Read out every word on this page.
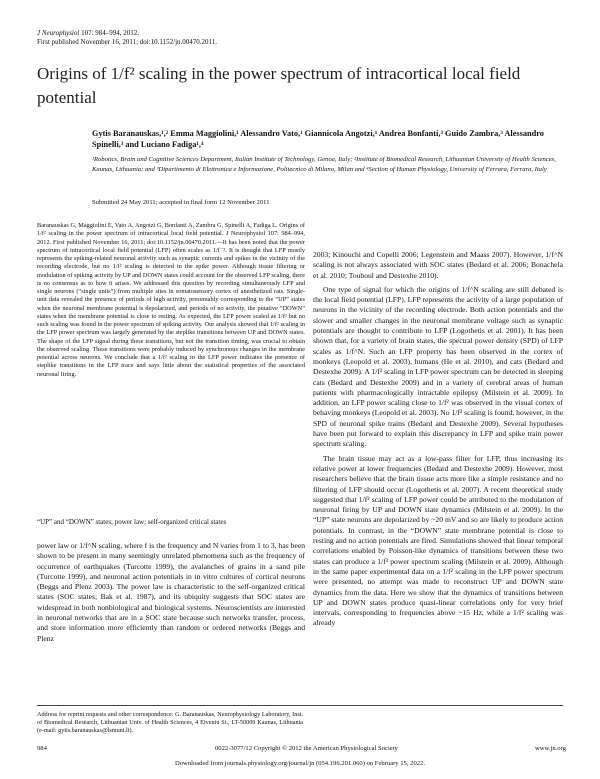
J Neurophysiol 107: 984–994, 2012.
First published November 16, 2011; doi:10.1152/jn.00470.2011.
Origins of 1/f² scaling in the power spectrum of intracortical local field potential
Gytis Baranauskas,¹,² Emma Maggiolini,¹ Alessandro Vato,¹ Giannicola Angotzi,¹ Andrea Bonfanti,³ Guido Zambra,³ Alessandro Spinelli,³ and Luciano Fadiga¹,⁴
¹Robotics, Brain and Cognitive Sciences Department, Italian Institute of Technology, Genoa, Italy; ²Institute of Biomedical Research, Lithuanian University of Health Sciences, Kaunas, Lithuania; and ³Dipartimento di Elettronica e Informazione, Politecnico di Milano, Milan and ⁴Section of Human Physiology, University of Ferrara, Ferrara, Italy
Submitted 24 May 2011; accepted in final form 12 November 2011
Baranauskas G, Maggiolini E, Vato A, Angotzi G, Bonfanti A, Zambra G, Spinelli A, Fadiga L. Origins of 1/f² scaling in the power spectrum of intracortical local field potential. J Neurophysiol 107: 984–994, 2012. First published November 16, 2011; doi:10.1152/jn.00470.2011.—It has been noted that the power spectrum of intracortical local field potential (LFP) often scales as 1/f⁻². It is thought that LFP mostly represents the spiking-related neuronal activity such as synaptic currents and spikes in the vicinity of the recording electrode, but no 1/f² scaling is detected in the spike power. Although tissue filtering or modulation of spiking activity by UP and DOWN states could account for the observed LFP scaling, there is no consensus as to how it arises. We addressed this question by recording simultaneously LFP and single neurons (“single units”) from multiple sites in somatosensory cortex of anesthetized rats. Single-unit data revealed the presence of periods of high activity, presumably corresponding to the “UP” states when the neuronal membrane potential is depolarized, and periods of no activity, the putative “DOWN” states when the membrane potential is close to resting. As expected, the LFP power scaled as 1/f² but no such scaling was found in the power spectrum of spiking activity. Our analysis showed that 1/f² scaling in the LFP power spectrum was largely generated by the steplike transitions between UP and DOWN states. The shape of the LFP signal during these transitions, but not the transition timing, was crucial to obtain the observed scaling. These transitions were probably induced by synchronous changes in the membrane potential across neurons. We conclude that a 1/f² scaling in the LFP power indicates the presence of steplike transitions in the LFP trace and says little about the statistical properties of the associated neuronal firing.
“UP” and “DOWN” states; power law; self-organized critical states
power law or 1/f^N scaling, where f is the frequency and N varies from 1 to 3, has been shown to be present in many seemingly unrelated phenomena such as the frequency of occurrence of earthquakes (Turcotte 1999), the avalanches of grains in a sand pile (Turcotte 1999), and neuronal action potentials in in vitro cultures of cortical neurons (Beggs and Plenz 2003). The power law is characteristic to the self-organized critical states (SOC states; Bak et al. 1987), and its ubiquity suggests that SOC states are widespread in both nonbiological and biological systems. Neuroscientists are interested in neuronal networks that are in a SOC state because such networks transfer, process, and store information more efficiently than random or ordered networks (Beggs and Plenz

2003; Kinouchi and Copelli 2006; Legenstein and Maass 2007). However, 1/f^N scaling is not always associated with SOC states (Bedard et al. 2006; Bonachela et al. 2010; Touboul and Destexhe 2010).

One type of signal for which the origins of 1/f^N scaling are still debated is the local field potential (LFP). LFP represents the activity of a large population of neurons in the vicinity of the recording electrode. Both action potentials and the slower and smaller changes in the neuronal membrane voltage such as synaptic potentials are thought to contribute to LFP (Logothetis et al. 2001). It has been shown that, for a variety of brain states, the spectral power density (SPD) of LFP scales as 1/f^N. Such an LFP property has been observed in the cortex of monkeys (Leopold et al. 2003), humans (He et al. 2010), and cats (Bedard and Destexhe 2009). A 1/f² scaling in LFP power spectrum can be detected in sleeping cats (Bedard and Destexhe 2009) and in a variety of cerebral areas of human patients with pharmacologically intractable epilepsy (Milstein et al. 2009). In addition, an LFP power scaling close to 1/f² was observed in the visual cortex of behaving monkeys (Leopold et al. 2003). No 1/f² scaling is found, however, in the SPD of neuronal spike trains (Bedard and Destexhe 2009). Several hypotheses have been put forward to explain this discrepancy in LFP and spike train power spectrum scaling.

The brain tissue may act as a low-pass filter for LFP, thus increasing its relative power at lower frequencies (Bedard and Destexhe 2009). However, most researchers believe that the brain tissue acts more like a simple resistance and no filtering of LFP should occur (Logothetis et al. 2007). A recent theoretical study suggested that 1/f² scaling of LFP power could be attributed to the modulation of neuronal firing by UP and DOWN state dynamics (Milstein et al. 2009). In the “UP” state neurons are depolarized by ~20 mV and so are likely to produce action potentials. In contrast, in the “DOWN” state membrane potential is close to resting and no action potentials are fired. Simulations showed that linear temporal correlations enabled by Poisson-like dynamics of transitions between these two states can produce a 1/f² power spectrum scaling (Milstein et al. 2009). Although in the same paper experimental data on a 1/f² scaling in the LFP power spectrum were presented, no attempt was made to reconstruct UP and DOWN state dynamics from the data. Here we show that the dynamics of transitions between UP and DOWN states produce quasi-linear correlations only for very brief intervals, corresponding to frequencies above ~15 Hz, while a 1/f² scaling was already

Address for reprint requests and other correspondence: G. Baranauskas, Neurophysiology Laboratory, Inst. of Biomedical Research, Lithuanian Univ. of Health Sciences, 4 Eiveniu St., LT-50009 Kaunas, Lithuania (e-mail: gytis.baranauskas@lsmuni.lt).
984	0022-3077/12 Copyright © 2012 the American Physiological Society	www.jn.org
Downloaded from journals.physiology.org/journal/jn (054.196.201.060) on February 15, 2022.
